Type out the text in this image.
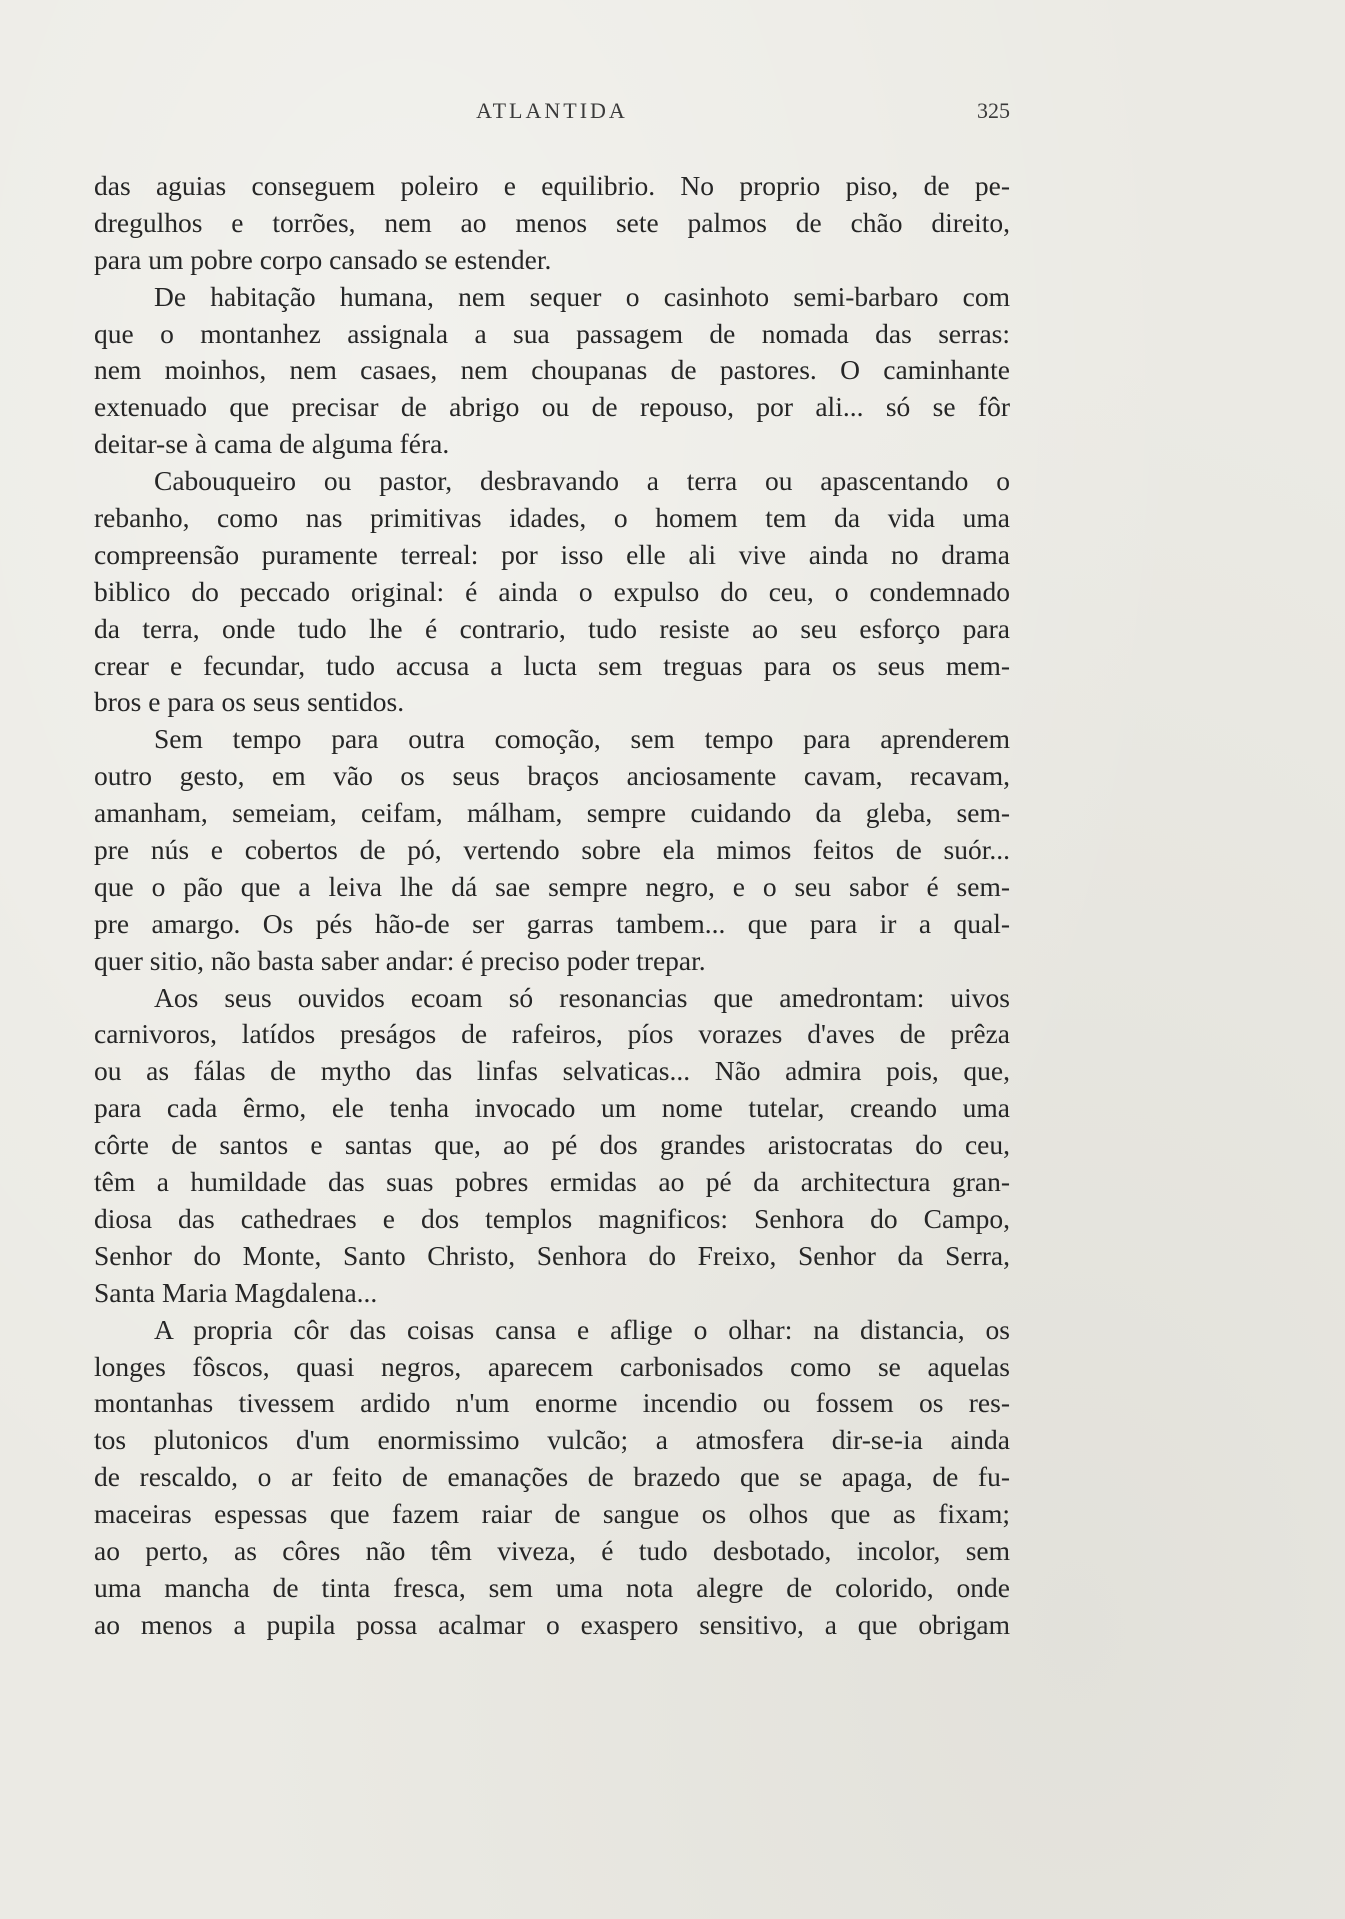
ATLANTIDA	325
das aguias conseguem poleiro e equilibrio. No proprio piso, de pe-
dregulhos e torrões, nem ao menos sete palmos de chão direito,
para um pobre corpo cansado se estender.
De habitação humana, nem sequer o casinhoto semi-barbaro com
que o montanhez assignala a sua passagem de nomada das serras:
nem moinhos, nem casaes, nem choupanas de pastores. O caminhante
extenuado que precisar de abrigo ou de repouso, por ali... só se fôr
deitar-se à cama de alguma féra.
Cabouqueiro ou pastor, desbravando a terra ou apascentando o
rebanho, como nas primitivas idades, o homem tem da vida uma
compreensão puramente terreal: por isso elle ali vive ainda no drama
biblico do peccado original: é ainda o expulso do ceu, o condemnado
da terra, onde tudo lhe é contrario, tudo resiste ao seu esforço para
crear e fecundar, tudo accusa a lucta sem treguas para os seus mem-
bros e para os seus sentidos.
Sem tempo para outra comoção, sem tempo para aprenderem
outro gesto, em vão os seus braços anciosamente cavam, recavam,
amanham, semeiam, ceifam, málham, sempre cuidando da gleba, sem-
pre nús e cobertos de pó, vertendo sobre ela mimos feitos de suór...
que o pão que a leiva lhe dá sae sempre negro, e o seu sabor é sem-
pre amargo. Os pés hão-de ser garras tambem... que para ir a qual-
quer sitio, não basta saber andar: é preciso poder trepar.
Aos seus ouvidos ecoam só resonancias que amedrontam: uivos
carnivoros, latídos preságos de rafeiros, píos vorazes d'aves de prêza
ou as fálas de mytho das linfas selvaticas... Não admira pois, que,
para cada êrmo, ele tenha invocado um nome tutelar, creando uma
côrte de santos e santas que, ao pé dos grandes aristocratas do ceu,
têm a humildade das suas pobres ermidas ao pé da architectura gran-
diosa das cathedraes e dos templos magnificos: Senhora do Campo,
Senhor do Monte, Santo Christo, Senhora do Freixo, Senhor da Serra,
Santa Maria Magdalena...
A propria côr das coisas cansa e aflige o olhar: na distancia, os
longes fôscos, quasi negros, aparecem carbonisados como se aquelas
montanhas tivessem ardido n'um enorme incendio ou fossem os res-
tos plutonicos d'um enormissimo vulcão; a atmosfera dir-se-ia ainda
de rescaldo, o ar feito de emanações de brazedo que se apaga, de fu-
maceiras espessas que fazem raiar de sangue os olhos que as fixam;
ao perto, as côres não têm viveza, é tudo desbotado, incolor, sem
uma mancha de tinta fresca, sem uma nota alegre de colorido, onde
ao menos a pupila possa acalmar o exaspero sensitivo, a que obrigam
